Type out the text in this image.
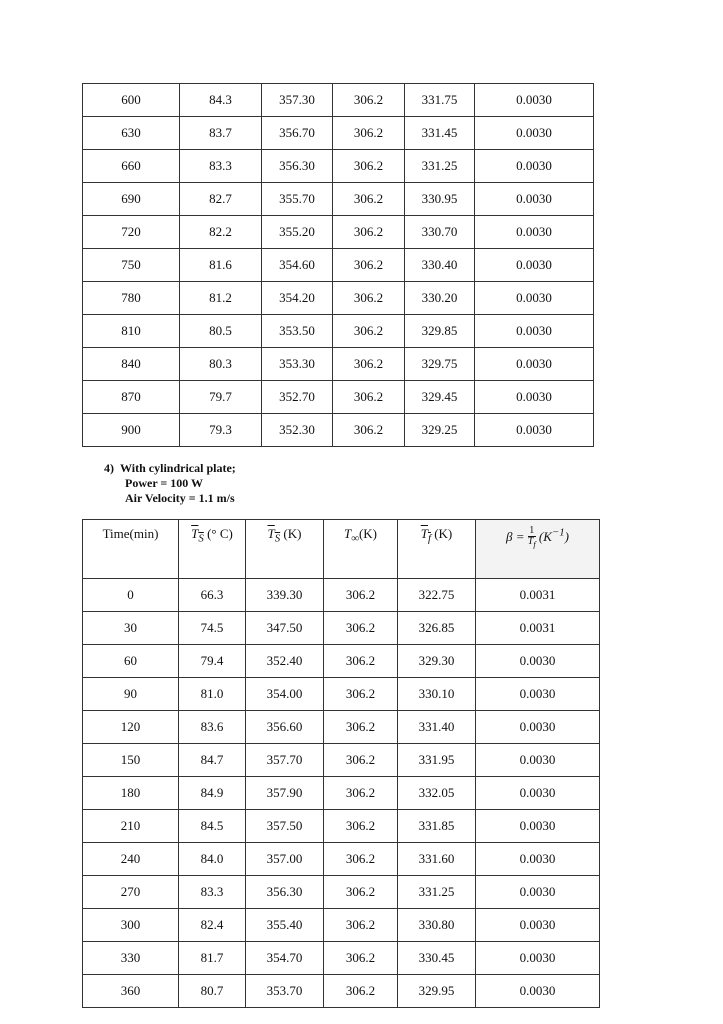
600	84.3	357.30	306.2	331.75	0.0030
630	83.7	356.70	306.2	331.45	0.0030
660	83.3	356.30	306.2	331.25	0.0030
690	82.7	355.70	306.2	330.95	0.0030
720	82.2	355.20	306.2	330.70	0.0030
750	81.6	354.60	306.2	330.40	0.0030
780	81.2	354.20	306.2	330.20	0.0030
810	80.5	353.50	306.2	329.85	0.0030
840	80.3	353.30	306.2	329.75	0.0030
870	79.7	352.70	306.2	329.45	0.0030
900	79.3	352.30	306.2	329.25	0.0030
4) With cylindrical plate;
Power = 100 W
Air Velocity = 1.1 m/s
Time(min)	$T_S$ (° C)	$T_S$ (K)	$T_\infty(K)$	$T_f$ (K)	$\beta = \frac{1}{T_f} (K^{-1})$
0	66.3	339.30	306.2	322.75	0.0031
30	74.5	347.50	306.2	326.85	0.0031
60	79.4	352.40	306.2	329.30	0.0030
90	81.0	354.00	306.2	330.10	0.0030
120	83.6	356.60	306.2	331.40	0.0030
150	84.7	357.70	306.2	331.95	0.0030
180	84.9	357.90	306.2	332.05	0.0030
210	84.5	357.50	306.2	331.85	0.0030
240	84.0	357.00	306.2	331.60	0.0030
270	83.3	356.30	306.2	331.25	0.0030
300	82.4	355.40	306.2	330.80	0.0030
330	81.7	354.70	306.2	330.45	0.0030
360	80.7	353.70	306.2	329.95	0.0030
